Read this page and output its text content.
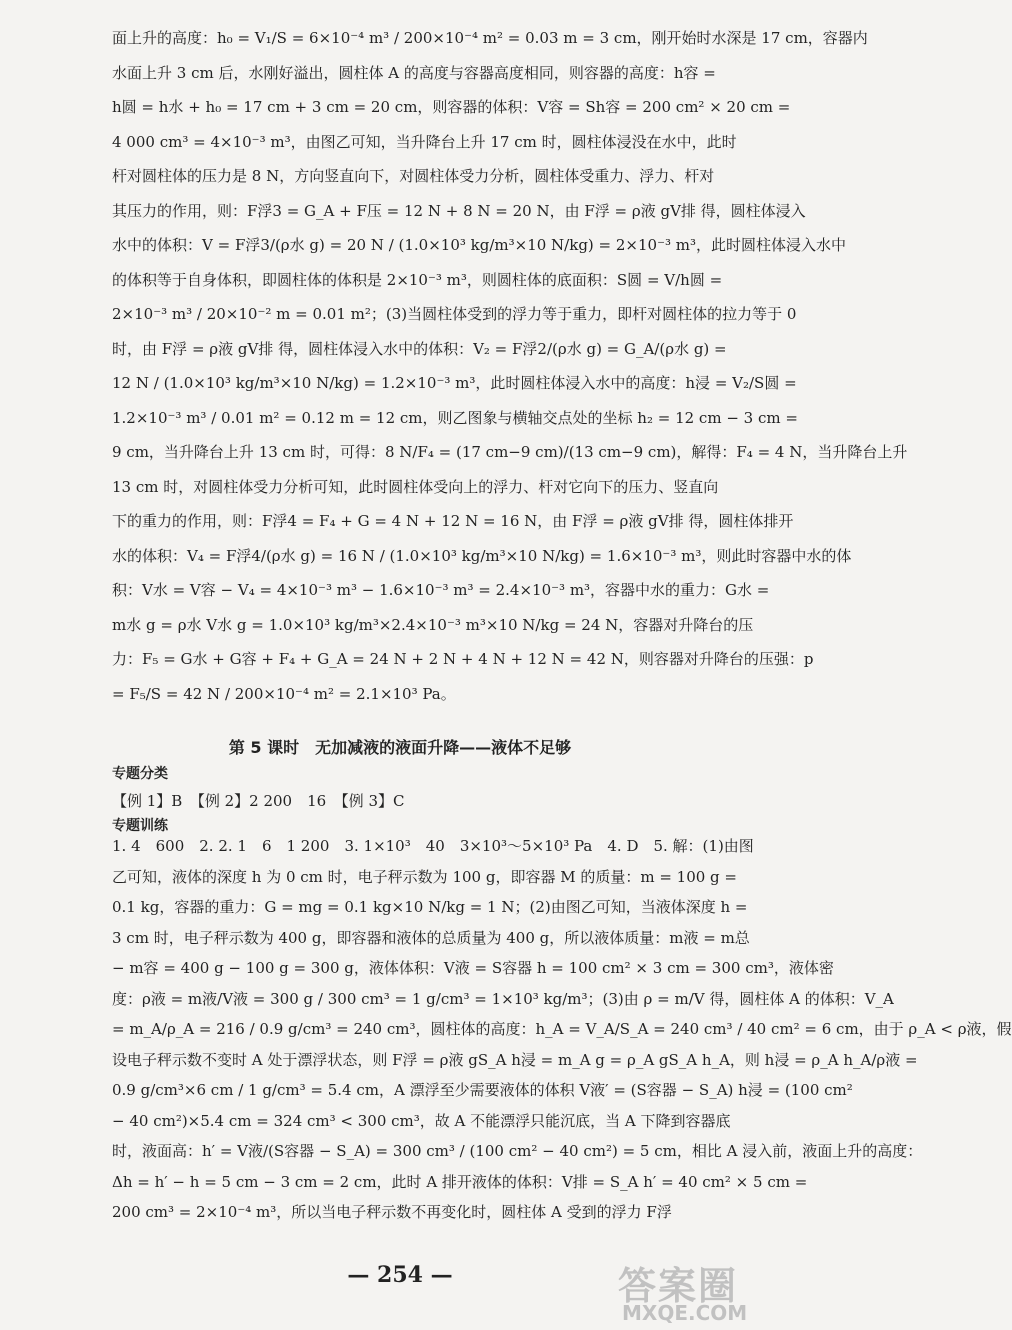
面上升的高度：h₀ = V₁/S = 6×10⁻⁴ m³ / 200×10⁻⁴ m² = 0.03 m = 3 cm，刚开始时水深是 17 cm，容器内

水面上升 3 cm 后，水刚好溢出，圆柱体 A 的高度与容器高度相同，则容器的高度：h容 =

h圆 = h水 + h₀ = 17 cm + 3 cm = 20 cm，则容器的体积：V容 = Sh容 = 200 cm² × 20 cm =

4 000 cm³ = 4×10⁻³ m³，由图乙可知，当升降台上升 17 cm 时，圆柱体浸没在水中，此时

杆对圆柱体的压力是 8 N，方向竖直向下，对圆柱体受力分析，圆柱体受重力、浮力、杆对

其压力的作用，则：F浮3 = G_A + F压 = 12 N + 8 N = 20 N，由 F浮 = ρ液 gV排 得，圆柱体浸入

水中的体积：V = F浮3/(ρ水 g) = 20 N / (1.0×10³ kg/m³×10 N/kg) = 2×10⁻³ m³，此时圆柱体浸入水中

的体积等于自身体积，即圆柱体的体积是 2×10⁻³ m³，则圆柱体的底面积：S圆 = V/h圆 =

2×10⁻³ m³ / 20×10⁻² m = 0.01 m²；(3)当圆柱体受到的浮力等于重力，即杆对圆柱体的拉力等于 0

时，由 F浮 = ρ液 gV排 得，圆柱体浸入水中的体积：V₂ = F浮2/(ρ水 g) = G_A/(ρ水 g) =

12 N / (1.0×10³ kg/m³×10 N/kg) = 1.2×10⁻³ m³，此时圆柱体浸入水中的高度：h浸 = V₂/S圆 =

1.2×10⁻³ m³ / 0.01 m² = 0.12 m = 12 cm，则乙图象与横轴交点处的坐标 h₂ = 12 cm − 3 cm =

9 cm，当升降台上升 13 cm 时，可得：8 N/F₄ = (17 cm−9 cm)/(13 cm−9 cm)，解得：F₄ = 4 N，当升降台上升

13 cm 时，对圆柱体受力分析可知，此时圆柱体受向上的浮力、杆对它向下的压力、竖直向

下的重力的作用，则：F浮4 = F₄ + G = 4 N + 12 N = 16 N，由 F浮 = ρ液 gV排 得，圆柱体排开

水的体积：V₄ = F浮4/(ρ水 g) = 16 N / (1.0×10³ kg/m³×10 N/kg) = 1.6×10⁻³ m³，则此时容器中水的体

积：V水 = V容 − V₄ = 4×10⁻³ m³ − 1.6×10⁻³ m³ = 2.4×10⁻³ m³，容器中水的重力：G水 =

m水 g = ρ水 V水 g = 1.0×10³ kg/m³×2.4×10⁻³ m³×10 N/kg = 24 N，容器对升降台的压

力：F₅ = G水 + G容 + F₄ + G_A = 24 N + 2 N + 4 N + 12 N = 42 N，则容器对升降台的压强：p

= F₅/S = 42 N / 200×10⁻⁴ m² = 2.1×10³ Pa。

第 5 课时　无加减液的液面升降——液体不足够
专题分类
【例 1】B　【例 2】2 200　16　【例 3】C
专题训练

1. 4　600　2. 2. 1　6　1 200　3. 1×10³　40　3×10³～5×10³ Pa　4. D　5. 解：(1)由图

乙可知，液体的深度 h 为 0 cm 时，电子秤示数为 100 g，即容器 M 的质量：m = 100 g =

0.1 kg，容器的重力：G = mg = 0.1 kg×10 N/kg = 1 N；(2)由图乙可知，当液体深度 h =

3 cm 时，电子秤示数为 400 g，即容器和液体的总质量为 400 g，所以液体质量：m液 = m总

− m容 = 400 g − 100 g = 300 g，液体体积：V液 = S容器 h = 100 cm² × 3 cm = 300 cm³，液体密

度：ρ液 = m液/V液 = 300 g / 300 cm³ = 1 g/cm³ = 1×10³ kg/m³；(3)由 ρ = m/V 得，圆柱体 A 的体积：V_A

= m_A/ρ_A = 216 / 0.9 g/cm³ = 240 cm³，圆柱体的高度：h_A = V_A/S_A = 240 cm³ / 40 cm² = 6 cm，由于 ρ_A < ρ液，假

设电子秤示数不变时 A 处于漂浮状态，则 F浮 = ρ液 gS_A h浸 = m_A g = ρ_A gS_A h_A，则 h浸 = ρ_A h_A/ρ液 =

0.9 g/cm³×6 cm / 1 g/cm³ = 5.4 cm，A 漂浮至少需要液体的体积 V液′ = (S容器 − S_A) h浸 = (100 cm²

− 40 cm²)×5.4 cm = 324 cm³ < 300 cm³，故 A 不能漂浮只能沉底，当 A 下降到容器底

时，液面高：h′ = V液/(S容器 − S_A) = 300 cm³ / (100 cm² − 40 cm²) = 5 cm，相比 A 浸入前，液面上升的高度：

Δh = h′ − h = 5 cm − 3 cm = 2 cm，此时 A 排开液体的体积：V排 = S_A h′ = 40 cm² × 5 cm =

200 cm³ = 2×10⁻⁴ m³，所以当电子秤示数不再变化时，圆柱体 A 受到的浮力 F浮

— 254 —	答案圈
MXQE.COM
